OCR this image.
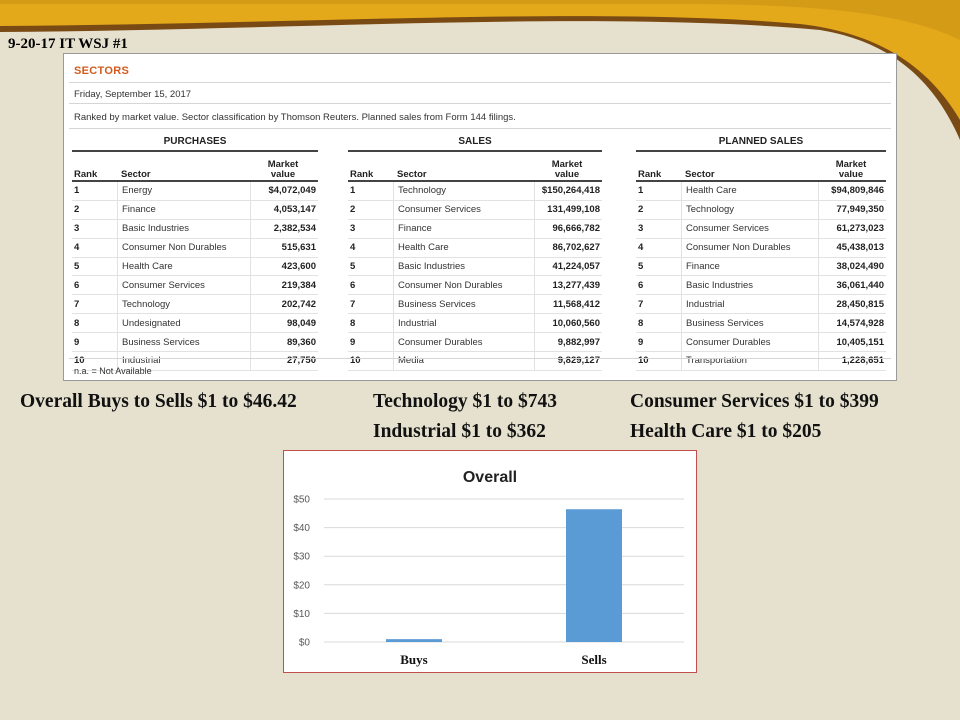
9-20-17 IT WSJ #1
SECTORS
Friday, September 15, 2017
Ranked by market value. Sector classification by Thomson Reuters. Planned sales from Form 144 filings.
PURCHASES
Rank	Sector
Market
value
1	Energy	$4,072,049
2	Finance	4,053,147
3	Basic Industries	2,382,534
4	Consumer Non Durables	515,631
5	Health Care	423,600
6	Consumer Services	219,384
7	Technology	202,742
8	Undesignated	98,049
9	Business Services	89,360
10	Industrial	27,750
SALES
Rank	Sector
Market
value
1	Technology	$150,264,418
2	Consumer Services	131,499,108
3	Finance	96,666,782
4	Health Care	86,702,627
5	Basic Industries	41,224,057
6	Consumer Non Durables	13,277,439
7	Business Services	11,568,412
8	Industrial	10,060,560
9	Consumer Durables	9,882,997
10	Media	9,829,127
PLANNED SALES
Rank	Sector
Market
value
1	Health Care	$94,809,846
2	Technology	77,949,350
3	Consumer Services	61,273,023
4	Consumer Non Durables	45,438,013
5	Finance	38,024,490
6	Basic Industries	36,061,440
7	Industrial	28,450,815
8	Business Services	14,574,928
9	Consumer Durables	10,405,151
10	Transportation	1,228,651
n.a. = Not Available
Overall Buys to Sells $1 to $46.42	Technology $1 to $743
Industrial $1 to $362
Consumer Services $1 to $399
Health Care $1 to $205
Overall
$0
$10
$20
$30
$40
$50
Buys	Sells
